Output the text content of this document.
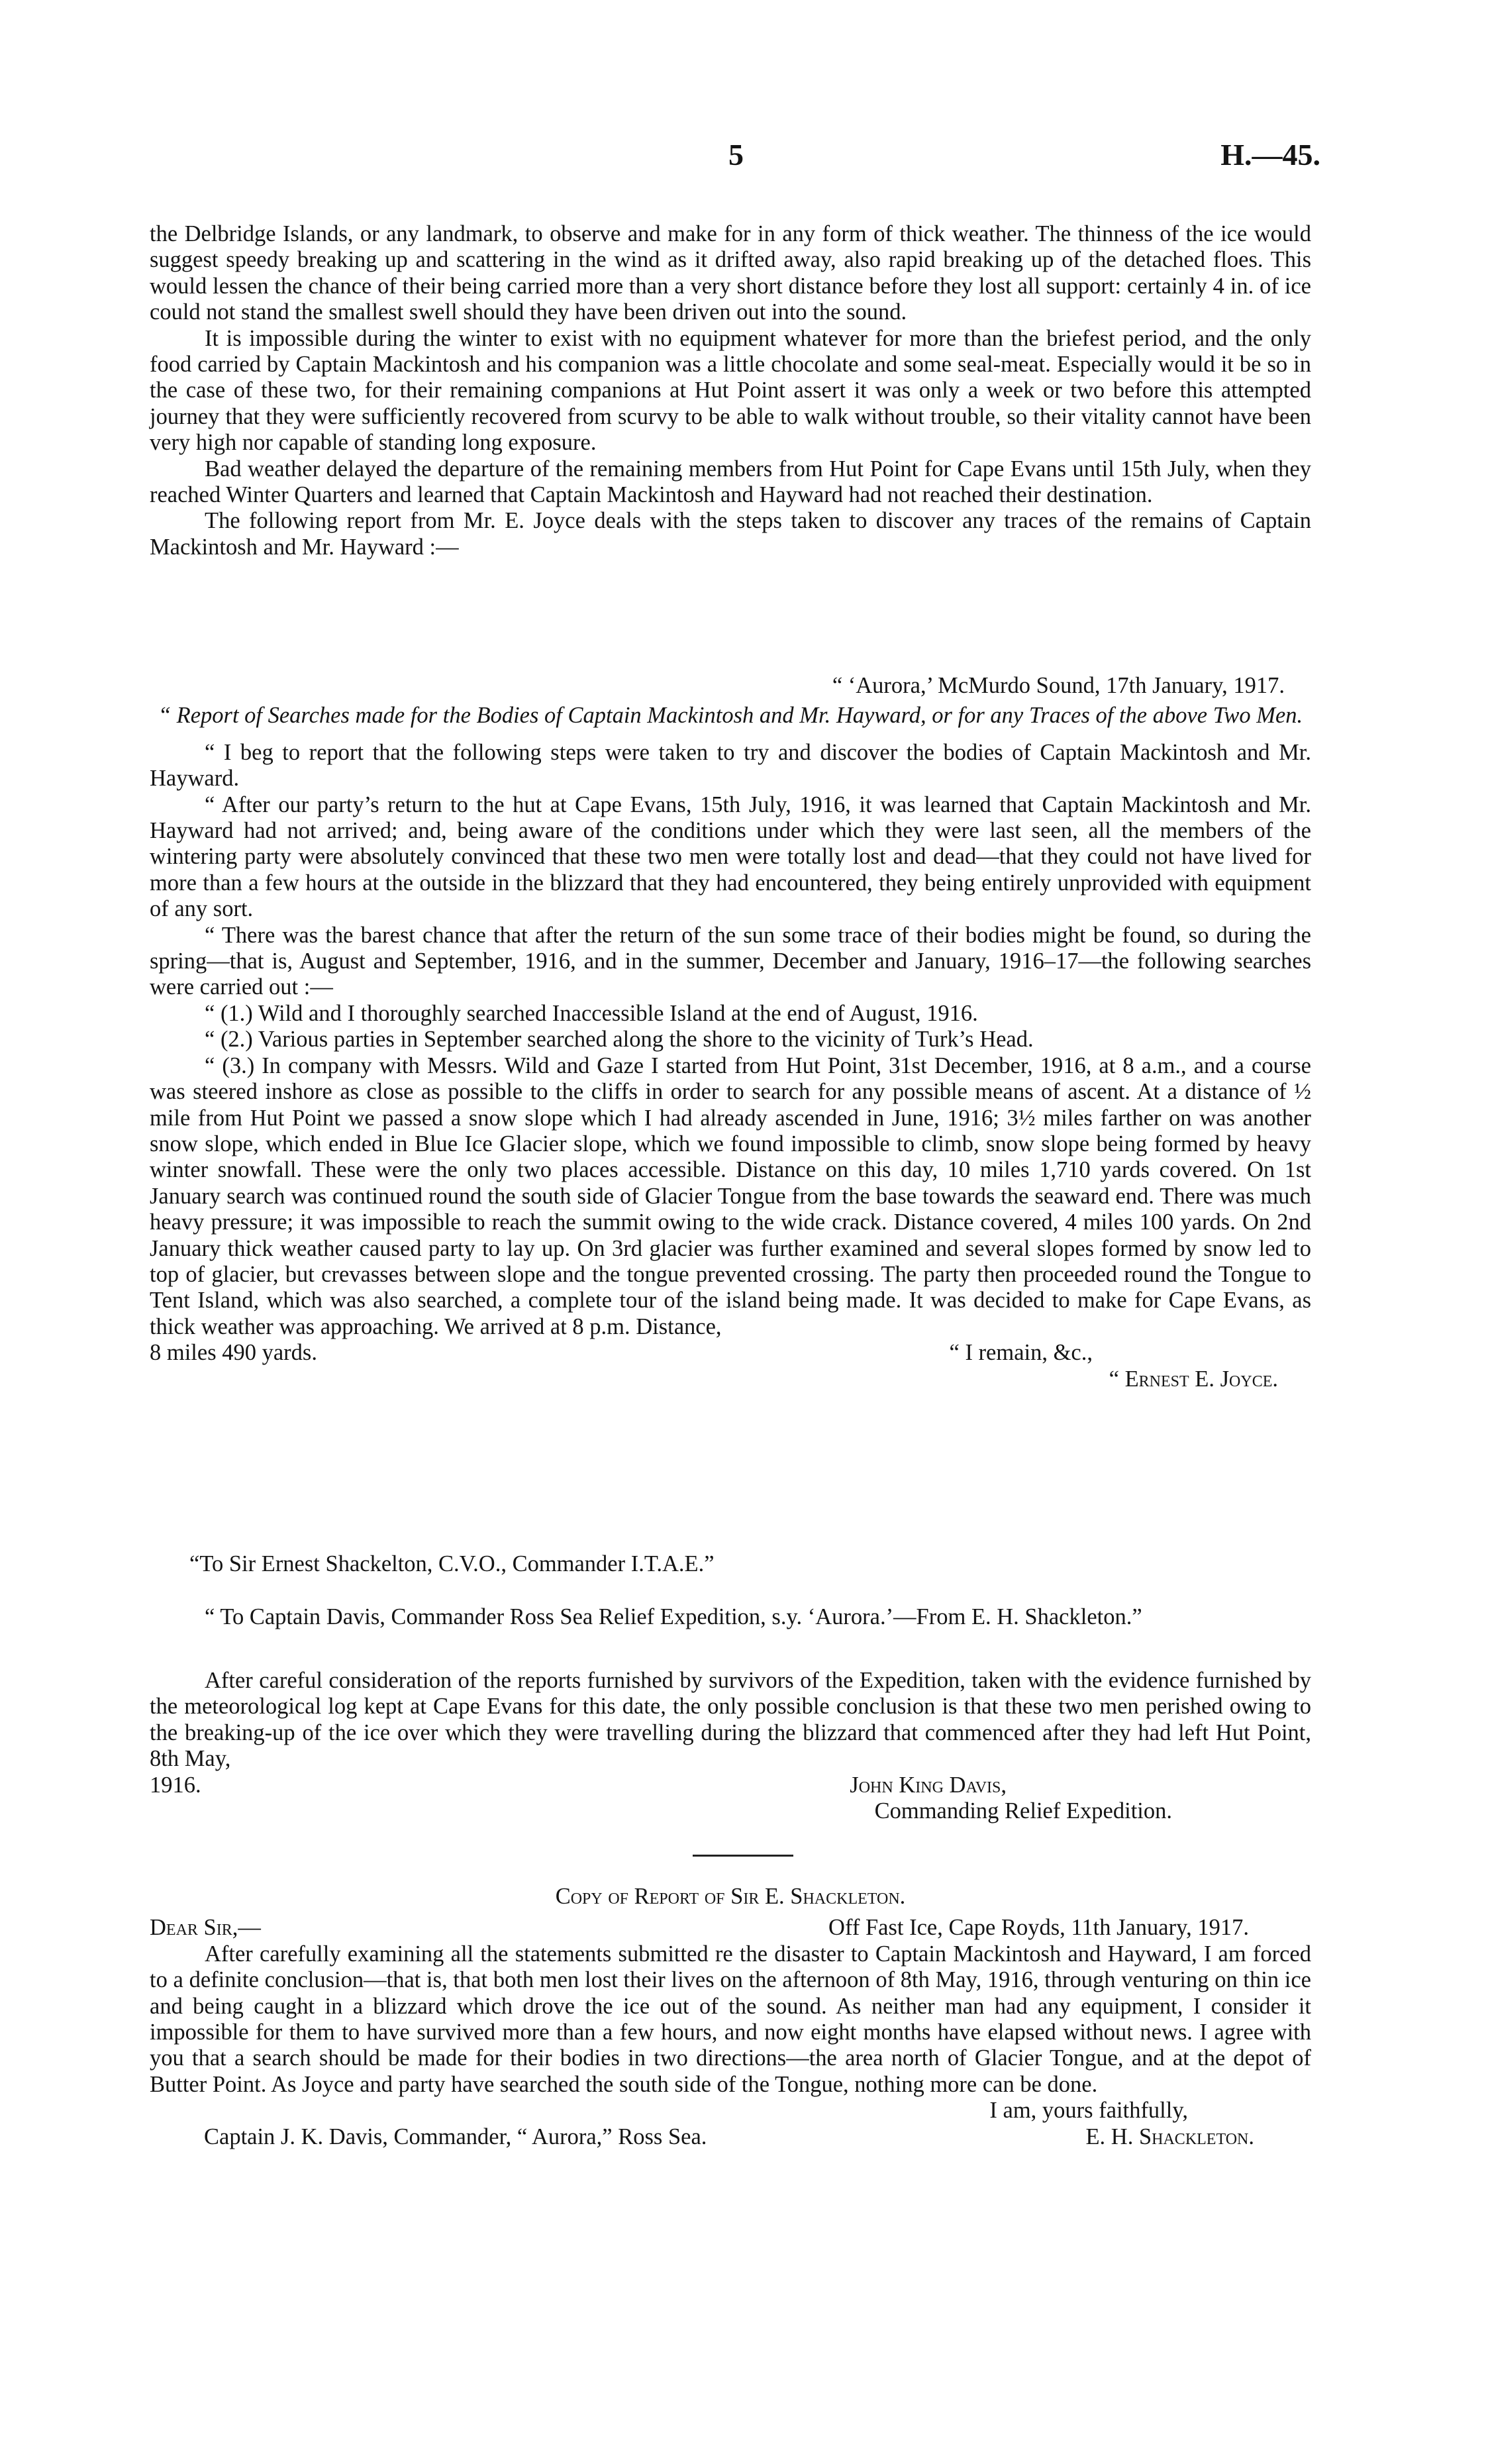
5	H.—45.

the Delbridge Islands, or any landmark, to observe and make for in any form of thick weather. The thinness of the ice would suggest speedy breaking up and scattering in the wind as it drifted away, also rapid breaking up of the detached floes. This would lessen the chance of their being carried more than a very short distance before they lost all support: certainly 4 in. of ice could not stand the smallest swell should they have been driven out into the sound.

It is impossible during the winter to exist with no equipment whatever for more than the briefest period, and the only food carried by Captain Mackintosh and his companion was a little chocolate and some seal-meat. Especially would it be so in the case of these two, for their remaining companions at Hut Point assert it was only a week or two before this attempted journey that they were sufficiently recovered from scurvy to be able to walk without trouble, so their vitality cannot have been very high nor capable of standing long exposure.

Bad weather delayed the departure of the remaining members from Hut Point for Cape Evans until 15th July, when they reached Winter Quarters and learned that Captain Mackintosh and Hayward had not reached their destination.

The following report from Mr. E. Joyce deals with the steps taken to discover any traces of the remains of Captain Mackintosh and Mr. Hayward :—

“ ‘Aurora,’ McMurdo Sound, 17th January, 1917.

“ Report of Searches made for the Bodies of Captain Mackintosh and Mr. Hayward, or for any Traces of the above Two Men.

“ I beg to report that the following steps were taken to try and discover the bodies of Captain Mackintosh and Mr. Hayward.

“ After our party’s return to the hut at Cape Evans, 15th July, 1916, it was learned that Captain Mackintosh and Mr. Hayward had not arrived; and, being aware of the conditions under which they were last seen, all the members of the wintering party were absolutely convinced that these two men were totally lost and dead—that they could not have lived for more than a few hours at the outside in the blizzard that they had encountered, they being entirely unprovided with equipment of any sort.

“ There was the barest chance that after the return of the sun some trace of their bodies might be found, so during the spring—that is, August and September, 1916, and in the summer, December and January, 1916–17—the following searches were carried out :—

“ (1.) Wild and I thoroughly searched Inaccessible Island at the end of August, 1916.

“ (2.) Various parties in September searched along the shore to the vicinity of Turk’s Head.

“ (3.) In company with Messrs. Wild and Gaze I started from Hut Point, 31st December, 1916, at 8 a.m., and a course was steered inshore as close as possible to the cliffs in order to search for any possible means of ascent. At a distance of ½ mile from Hut Point we passed a snow slope which I had already ascended in June, 1916; 3½ miles farther on was another snow slope, which ended in Blue Ice Glacier slope, which we found impossible to climb, snow slope being formed by heavy winter snowfall. These were the only two places accessible. Distance on this day, 10 miles 1,710 yards covered. On 1st January search was continued round the south side of Glacier Tongue from the base towards the seaward end. There was much heavy pressure; it was impossible to reach the summit owing to the wide crack. Distance covered, 4 miles 100 yards. On 2nd January thick weather caused party to lay up. On 3rd glacier was further examined and several slopes formed by snow led to top of glacier, but crevasses between slope and the tongue prevented crossing. The party then proceeded round the Tongue to Tent Island, which was also searched, a complete tour of the island being made. It was decided to make for Cape Evans, as thick weather was approaching. We arrived at 8 p.m. Distance,

8 miles 490 yards.	“ I remain, &c.,

“ Ernest E. Joyce.

“To Sir Ernest Shackelton, C.V.O., Commander I.T.A.E.”

“ To Captain Davis, Commander Ross Sea Relief Expedition, s.y. ‘Aurora.’—From E. H. Shackleton.”

After careful consideration of the reports furnished by survivors of the Expedition, taken with the evidence furnished by the meteorological log kept at Cape Evans for this date, the only possible conclusion is that these two men perished owing to the breaking-up of the ice over which they were travelling during the blizzard that commenced after they had left Hut Point, 8th May,

1916.	John King Davis,

Commanding Relief Expedition.

Copy of Report of Sir E. Shackleton.

Dear Sir,—	Off Fast Ice, Cape Royds, 11th January, 1917.

After carefully examining all the statements submitted re the disaster to Captain Mackintosh and Hayward, I am forced to a definite conclusion—that is, that both men lost their lives on the afternoon of 8th May, 1916, through venturing on thin ice and being caught in a blizzard which drove the ice out of the sound. As neither man had any equipment, I consider it impossible for them to have survived more than a few hours, and now eight months have elapsed without news. I agree with you that a search should be made for their bodies in two directions—the area north of Glacier Tongue, and at the depot of Butter Point. As Joyce and party have searched the south side of the Tongue, nothing more can be done.

I am, yours faithfully,

Captain J. K. Davis, Commander, “ Aurora,” Ross Sea.	E. H. Shackleton.
